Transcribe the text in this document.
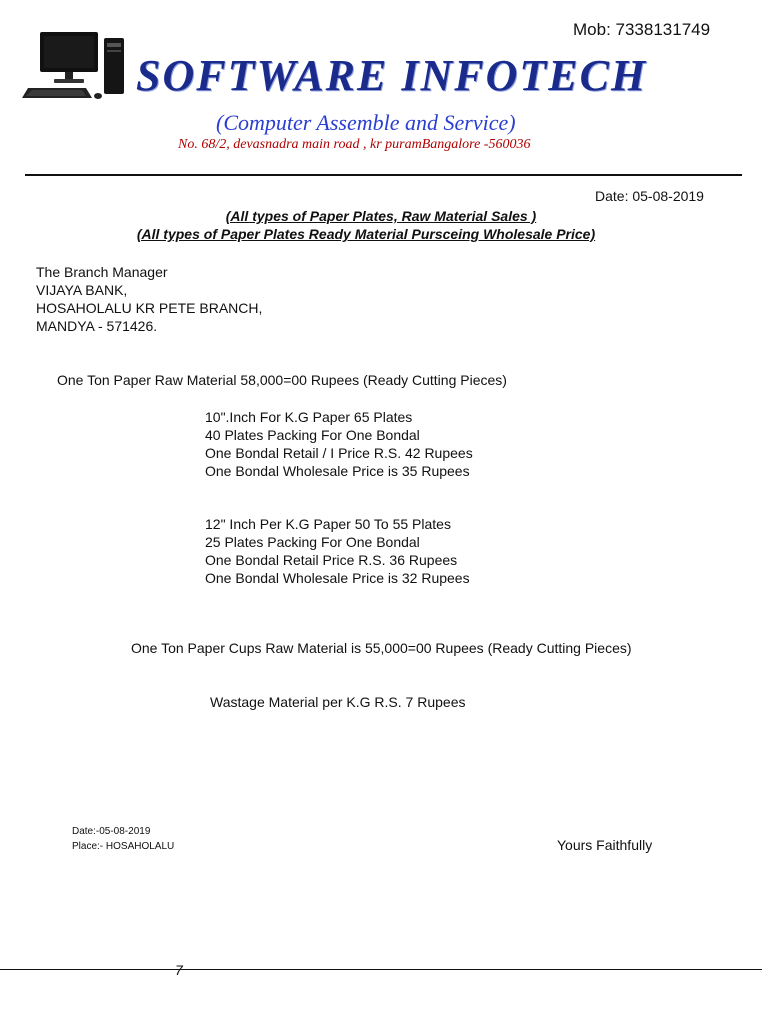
Mob: 7338131749
SOFTWARE INFOTECH
(Computer Assemble and Service)
No. 68/2, devasnadra main road , kr puramBangalore -560036
Date: 05-08-2019
(All types of Paper Plates, Raw Material Sales )
(All types of Paper Plates Ready Material Pursceing Wholesale Price)
The Branch Manager
VIJAYA BANK,
HOSAHOLALU KR PETE BRANCH,
MANDYA - 571426.
One Ton Paper Raw Material 58,000=00 Rupees (Ready Cutting Pieces)
10".Inch For K.G Paper 65 Plates
40 Plates Packing For One Bondal
One Bondal Retail / I Price R.S. 42 Rupees
One Bondal Wholesale Price is 35 Rupees
12" Inch Per K.G Paper 50 To 55 Plates
25 Plates Packing For One Bondal
One Bondal Retail Price R.S. 36 Rupees
One Bondal Wholesale Price is 32 Rupees
One Ton Paper Cups Raw Material is 55,000=00 Rupees (Ready Cutting Pieces)
Wastage Material per K.G R.S. 7 Rupees
Date:-05-08-2019
Place:- HOSAHOLALU	Yours Faithfully
7
